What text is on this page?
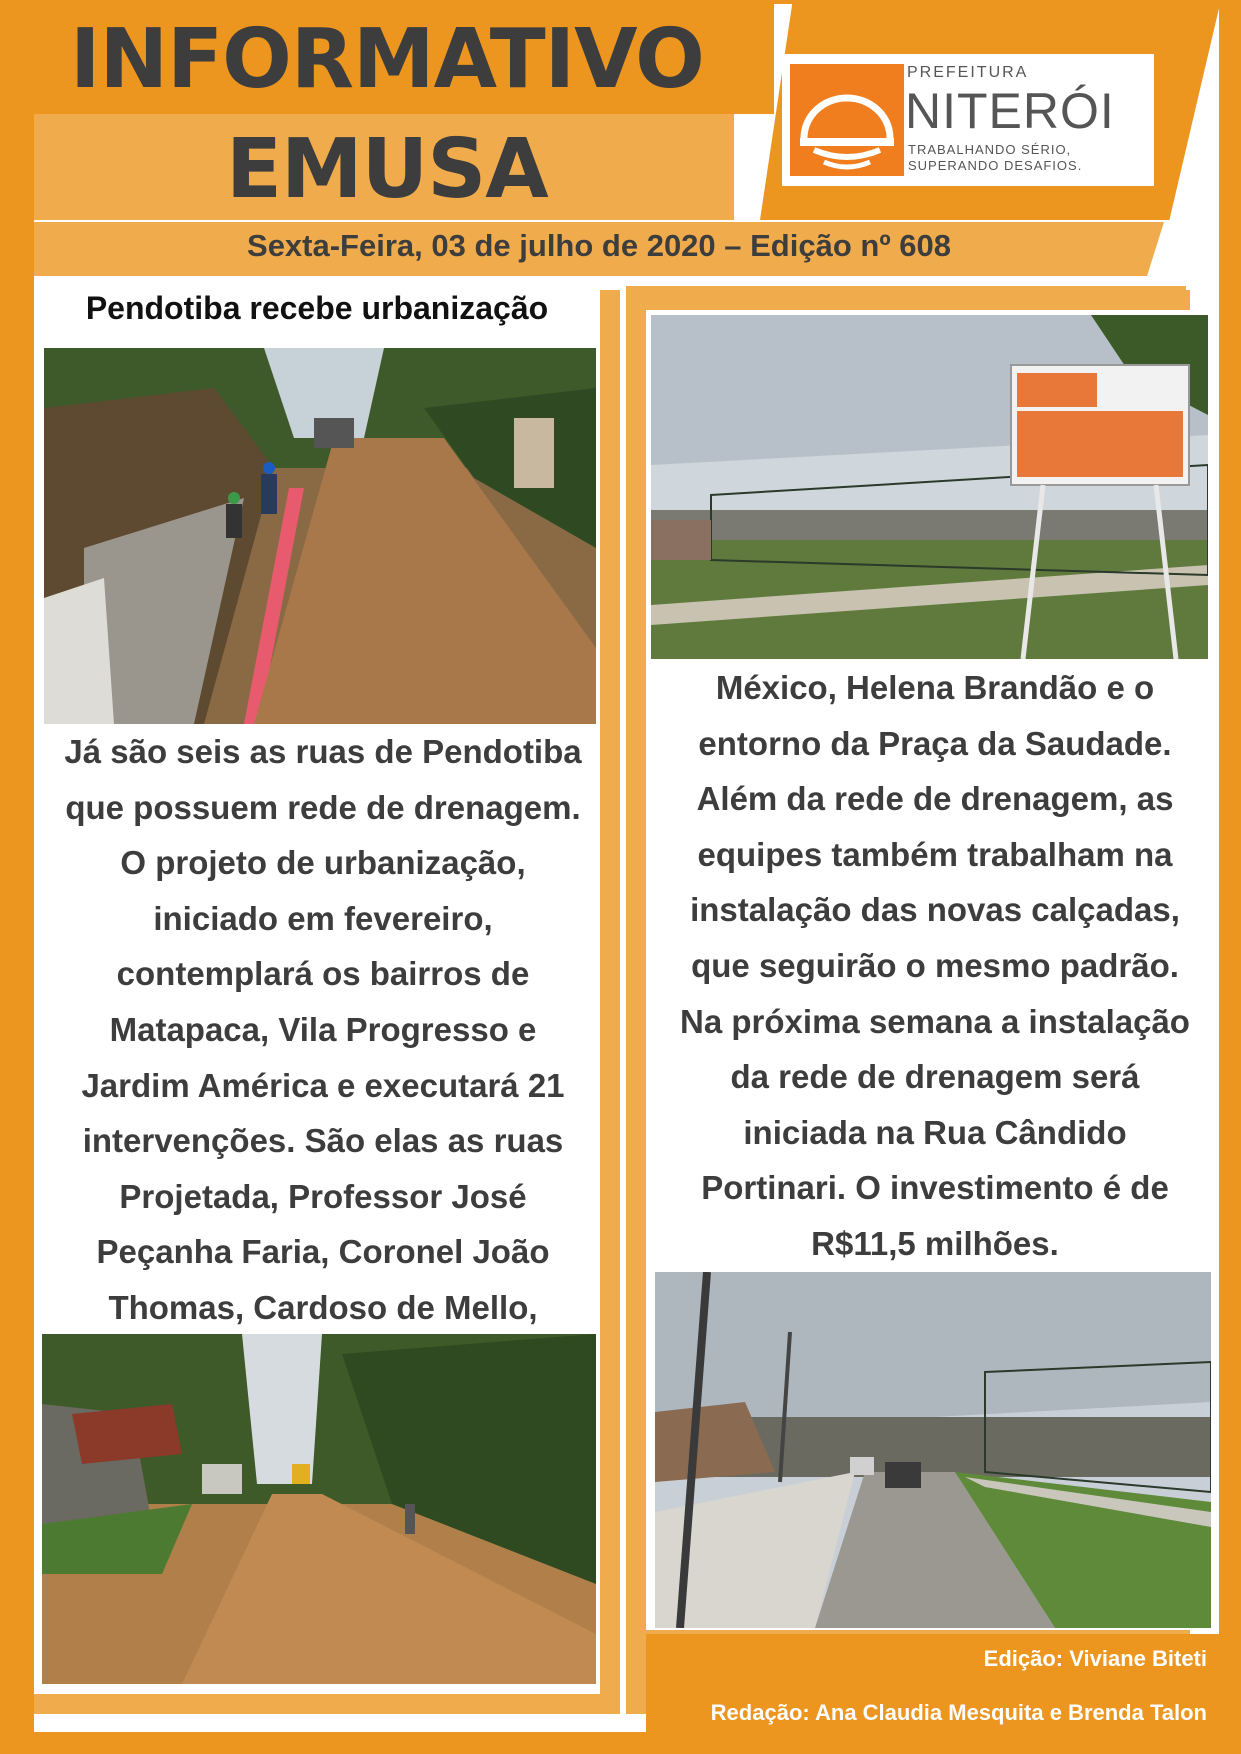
INFORMATIVO
EMUSA
PREFEITURA
NITERÓI
TRABALHANDO SÉRIO,
SUPERANDO DESAFIOS.
Sexta-Feira, 03 de julho de 2020 – Edição nº 608
Pendotiba recebe urbanização

Já são seis as ruas de Pendotiba
que possuem rede de drenagem.
O projeto de urbanização,
iniciado em fevereiro,
contemplará os bairros de
Matapaca, Vila Progresso e
Jardim América e executará 21
intervenções. São elas as ruas
Projetada, Professor José
Peçanha Faria, Coronel João
Thomas, Cardoso de Mello,

México, Helena Brandão e o
entorno da Praça da Saudade.
Além da rede de drenagem, as
equipes também trabalham na
instalação das novas calçadas,
que seguirão o mesmo padrão.
Na próxima semana a instalação
da rede de drenagem será
iniciada na Rua Cândido
Portinari. O investimento é de
R$11,5 milhões.

Edição: Viviane Biteti

Redação: Ana Claudia Mesquita e Brenda Talon
